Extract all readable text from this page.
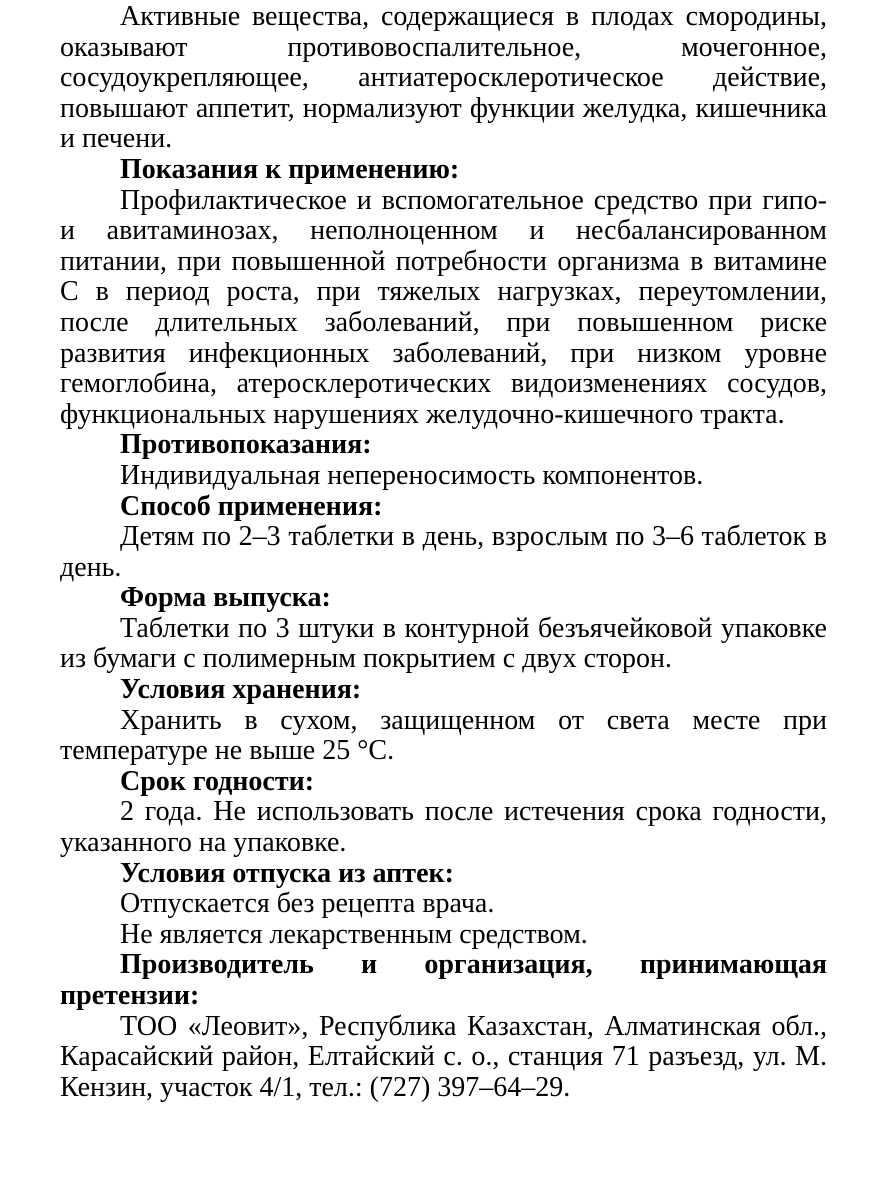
Активные вещества, содержащиеся в плодах смородины, оказывают противовоспалительное, мочегонное, сосудоукрепляющее, антиатеросклеротическое действие, повышают аппетит, нормализуют функции желудка, кишечника и печени.

Показания к применению:

Профилактическое и вспомогательное средство при гипо- и авитаминозах, неполноценном и несбалансированном питании, при повышенной потребности организма в витамине С в период роста, при тяжелых нагрузках, переутомлении, после длительных заболеваний, при повышенном риске развития инфекционных заболеваний, при низком уровне гемоглобина, атеросклеротических видоизменениях сосудов, функциональных нарушениях желудочно-кишечного тракта.

Противопоказания:

Индивидуальная непереносимость компонентов.

Способ применения:

Детям по 2–3 таблетки в день, взрослым по 3–6 таблеток в день.

Форма выпуска:

Таблетки по 3 штуки в контурной безъячейковой упаковке из бумаги с полимерным покрытием с двух сторон.

Условия хранения:

Хранить в сухом, защищенном от света месте при температуре не выше 25 °С.

Срок годности:

2 года. Не использовать после истечения срока годности, указанного на упаковке.

Условия отпуска из аптек:

Отпускается без рецепта врача.

Не является лекарственным средством.

Производитель и организация, принимающая претензии:

ТОО «Леовит», Республика Казахстан, Алматинская обл., Карасайский район, Елтайский с. о., станция 71 разъезд, ул. М. Кензин, участок 4/1, тел.: (727) 397–64–29.
